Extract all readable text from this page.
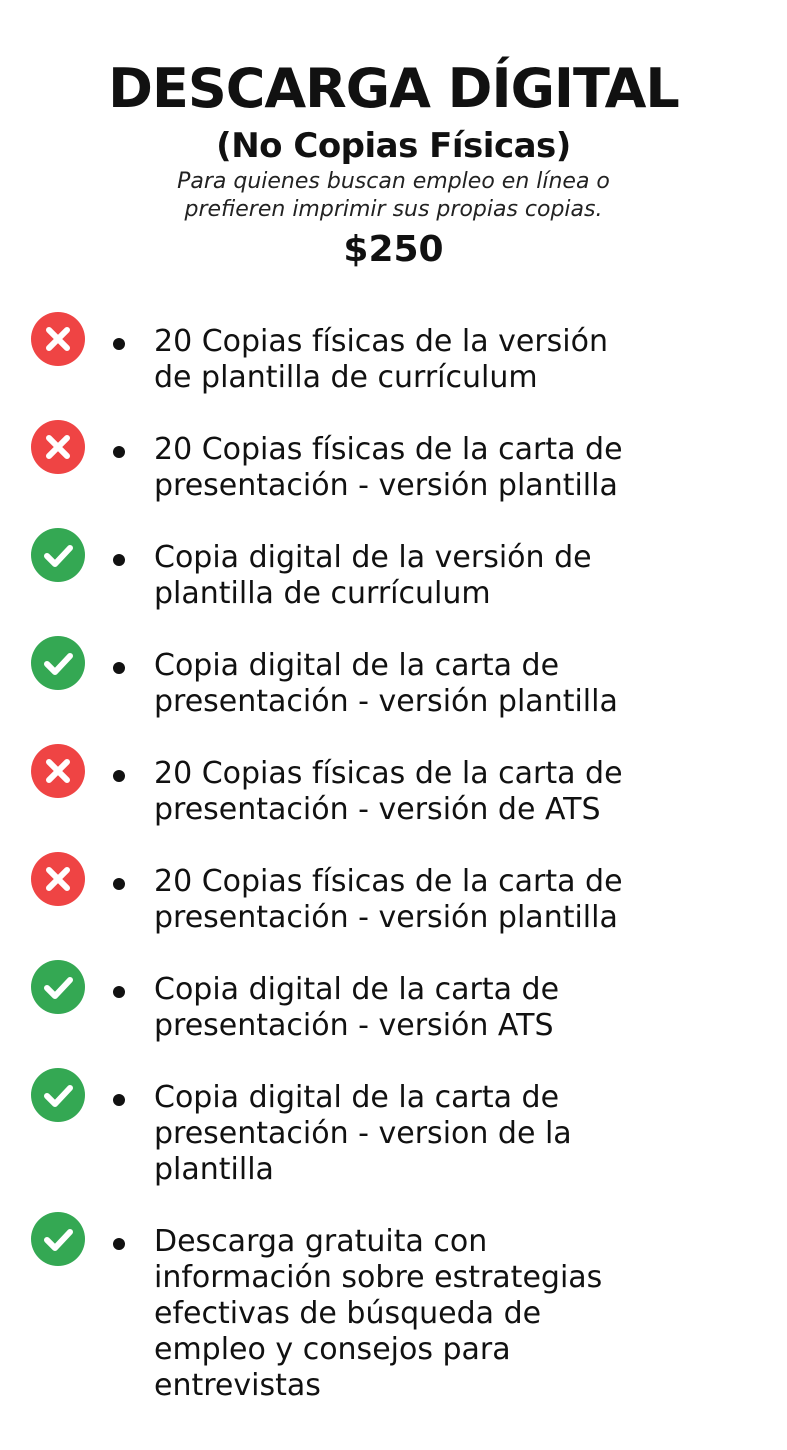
DESCARGA DÍGITAL
(No Copias Físicas)
Para quienes buscan empleo en línea o
prefieren imprimir sus propias copias.
$250
20 Copias físicas de la versión
de plantilla de currículum
20 Copias físicas de la carta de
presentación - versión plantilla
Copia digital de la versión de
plantilla de currículum
Copia digital de la carta de
presentación - versión plantilla
20 Copias físicas de la carta de
presentación - versión de ATS
20 Copias físicas de la carta de
presentación - versión plantilla
Copia digital de la carta de
presentación - versión ATS
Copia digital de la carta de
presentación - version de la
plantilla
Descarga gratuita con
información sobre estrategias
efectivas de búsqueda de
empleo y consejos para
entrevistas
